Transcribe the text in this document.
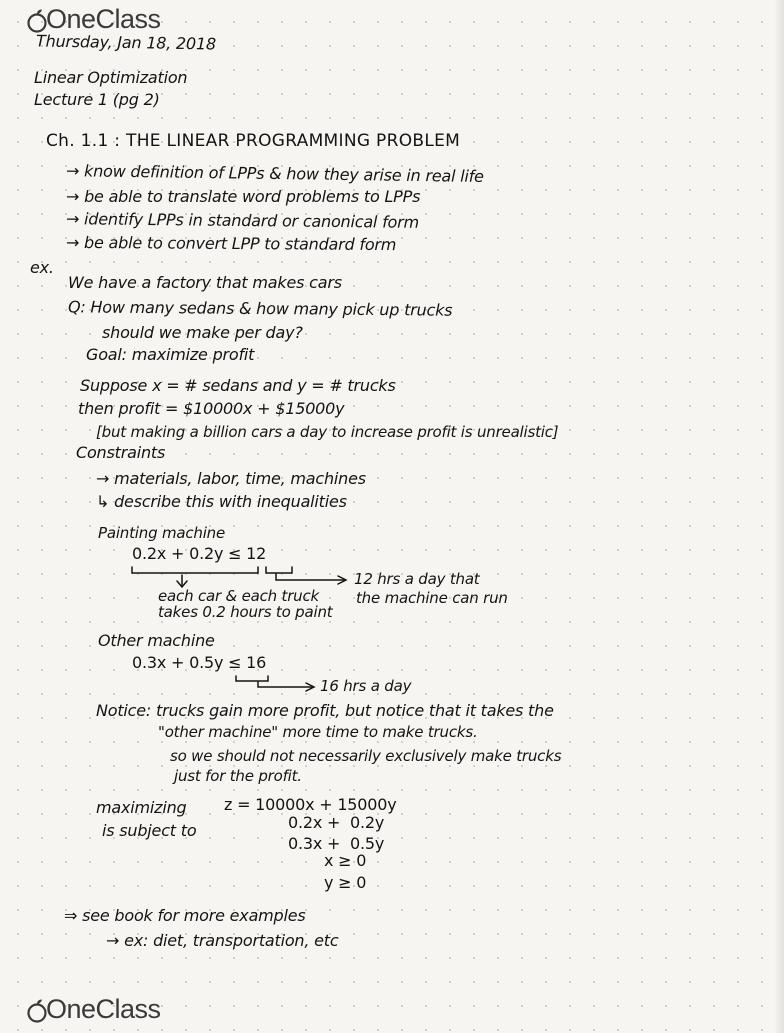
OneClass
Thursday, Jan 18, 2018
Linear Optimization
Lecture 1 (pg 2)
Ch. 1.1 : THE LINEAR PROGRAMMING PROBLEM
→ know definition of LPPs & how they arise in real life
→ be able to translate word problems to LPPs
→ identify LPPs in standard or canonical form
→ be able to convert LPP to standard form
ex.
We have a factory that makes cars
Q: How many sedans & how many pick up trucks
should we make per day?
Goal: maximize profit
Suppose x = # sedans and y = # trucks
then profit = $10000x + $15000y
[but making a billion cars a day to increase profit is unrealistic]
Constraints
→ materials, labor, time, machines
↳ describe this with inequalities
Painting machine
0.2x + 0.2y ≤ 12
each car & each truck
takes 0.2 hours to paint
12 hrs a day that
the machine can run
Other machine
0.3x + 0.5y ≤ 16
16 hrs a day
Notice: trucks gain more profit, but notice that it takes the
"other machine" more time to make trucks.
so we should not necessarily exclusively make trucks
just for the profit.
maximizing z = 10000x + 15000y
is subject to	0.2x +  0.2y
0.3x +  0.5y
x ≥ 0
y ≥ 0
⇒ see book for more examples
→ ex: diet, transportation, etc
OneClass
